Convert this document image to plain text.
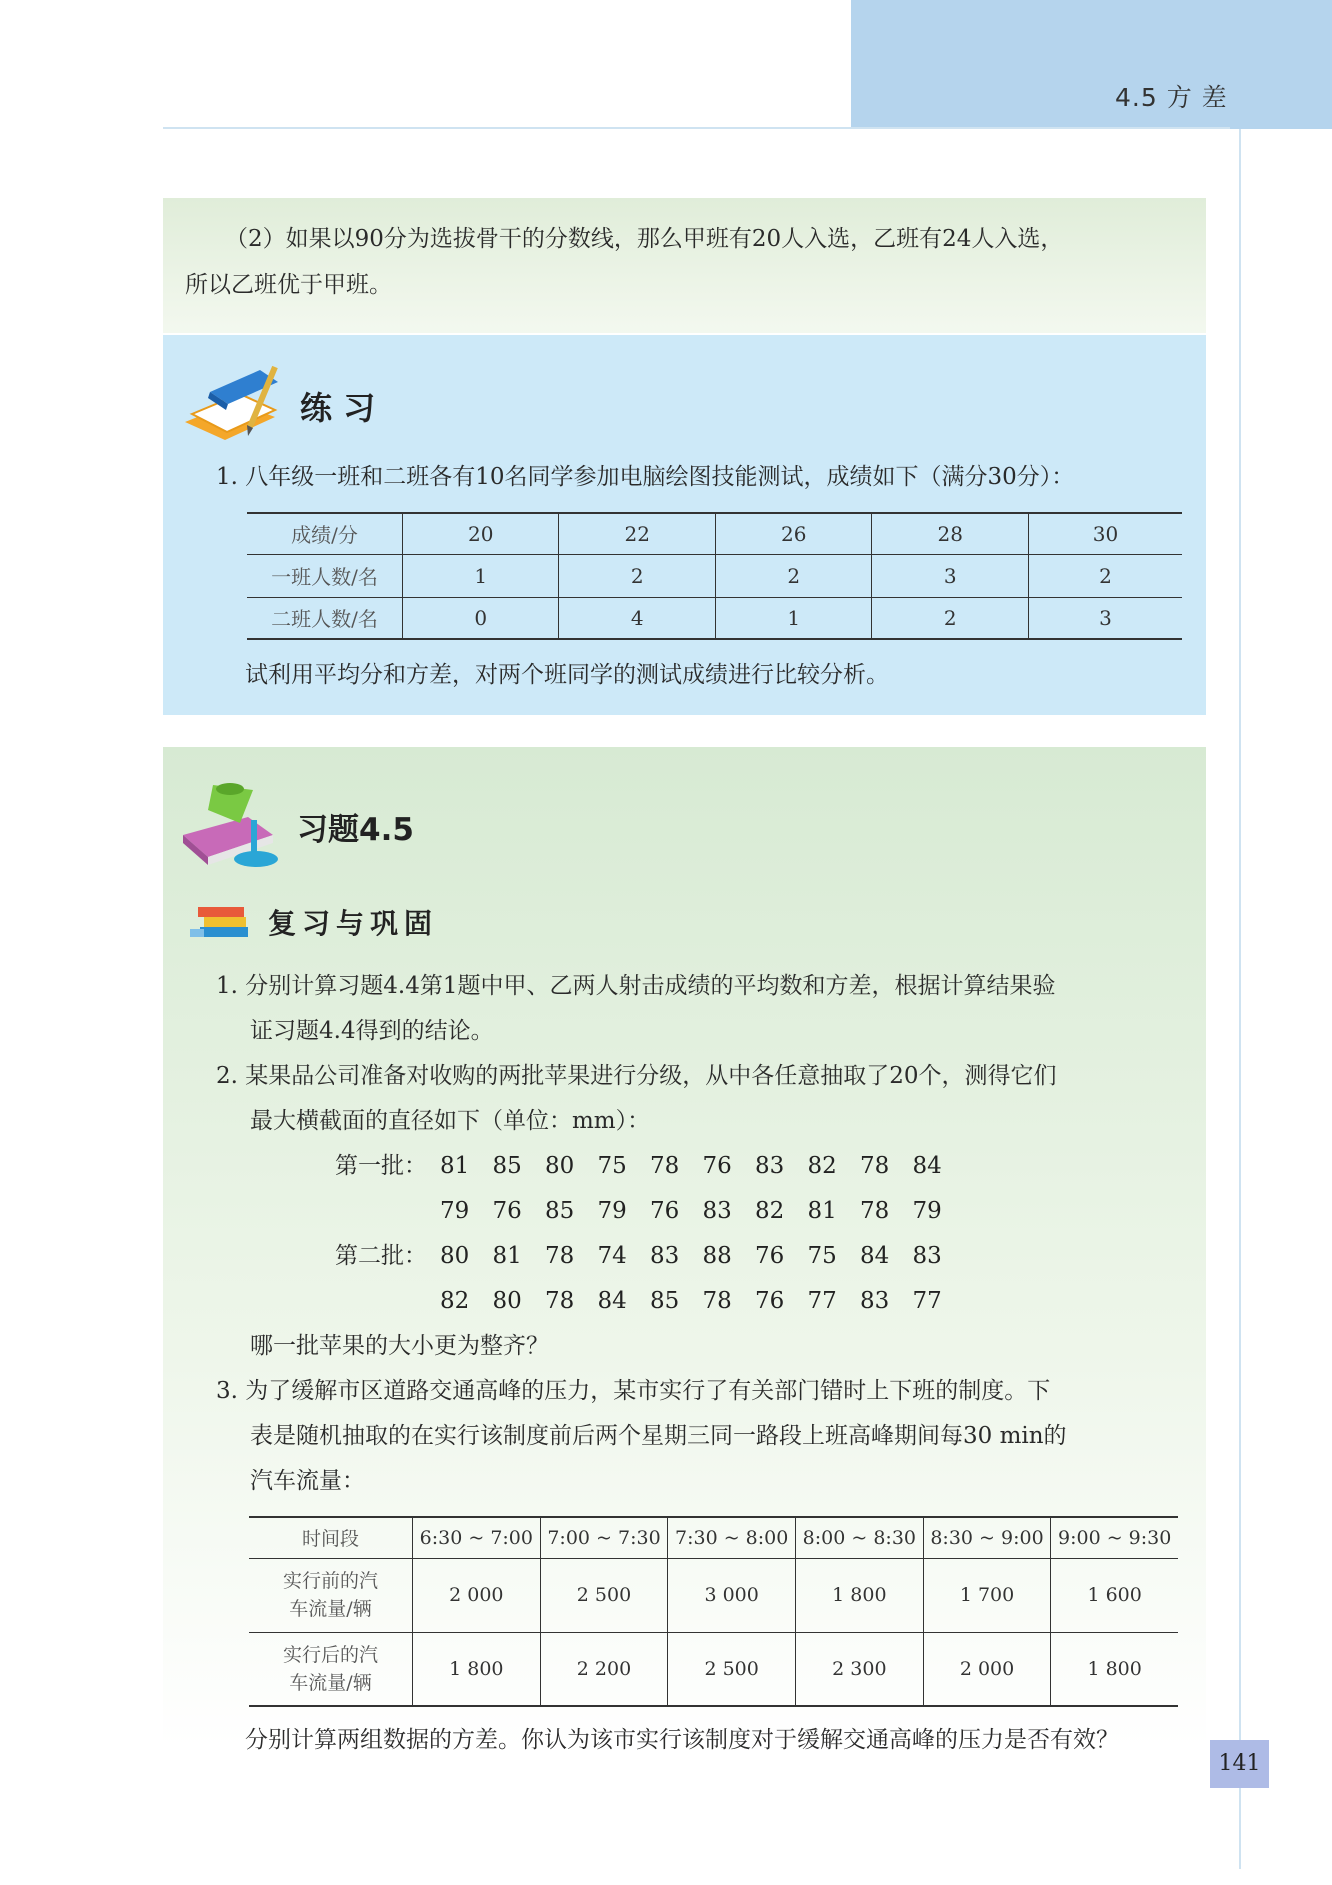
4.5 方 差
（2）如果以90分为选拔骨干的分数线，那么甲班有20人入选，乙班有24人入选，
所以乙班优于甲班。
练 习
1. 八年级一班和二班各有10名同学参加电脑绘图技能测试，成绩如下（满分30分）：
成绩/分	20	22	26	28	30
一班人数/名	1	2	2	3	2
二班人数/名	0	4	1	2	3
试利用平均分和方差，对两个班同学的测试成绩进行比较分析。
习题4.5
复习与巩固
1. 分别计算习题4.4第1题中甲、乙两人射击成绩的平均数和方差，根据计算结果验
证习题4.4得到的结论。
2. 某果品公司准备对收购的两批苹果进行分级，从中各任意抽取了20个，测得它们
最大横截面的直径如下（单位：mm）：
第一批： 81 85 80 75 78 76 83 82 78 84
79 76 85 79 76 83 82 81 78 79
第二批： 80 81 78 74 83 88 76 75 84 83
82 80 78 84 85 78 76 77 83 77
哪一批苹果的大小更为整齐？
3. 为了缓解市区道路交通高峰的压力，某市实行了有关部门错时上下班的制度。下
表是随机抽取的在实行该制度前后两个星期三同一路段上班高峰期间每30 min的
汽车流量：
时间段	6:30 ~ 7:00	7:00 ~ 7:30	7:30 ~ 8:00	8:00 ~ 8:30	8:30 ~ 9:00	9:00 ~ 9:30
实行前的汽
车流量/辆	2 000	2 500	3 000	1 800	1 700	1 600
实行后的汽
车流量/辆	1 800	2 200	2 500	2 300	2 000	1 800
分别计算两组数据的方差。你认为该市实行该制度对于缓解交通高峰的压力是否有效？
141
